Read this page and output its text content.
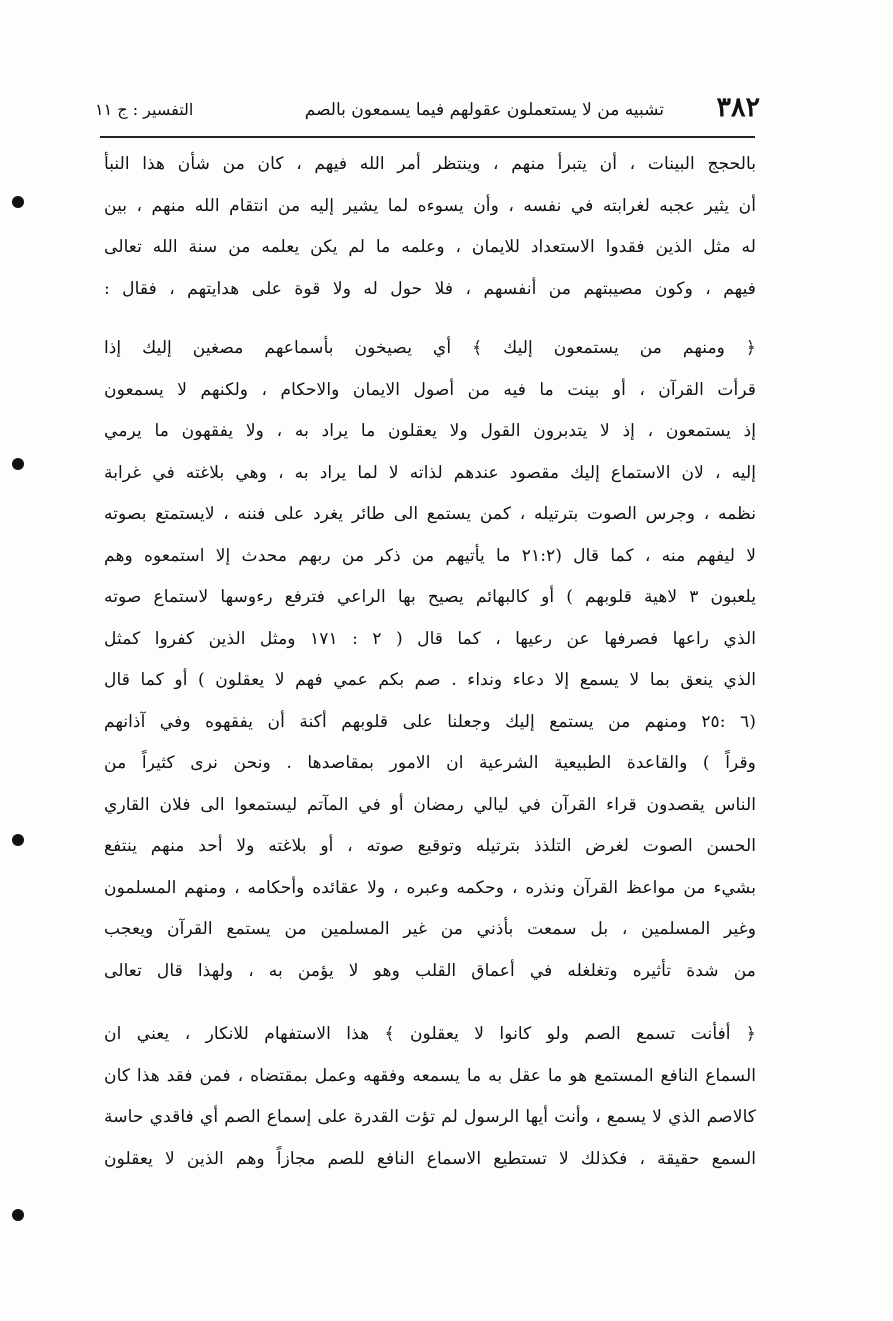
٣٨٢
تشبيه من لا يستعملون عقولهم فيما يسمعون بالصم
التفسير : ج ١١
بالحجج البينات ، أن يتبرأ منهم ، وينتظر أمر الله فيهم ، كان من شأن هذا النبأ
أن يثير عجبه لغرابته في نفسه ، وأن يسوءه لما يشير إليه من انتقام الله منهم ، بين
له مثل الذين فقدوا الاستعداد للايمان ، وعلمه ما لم يكن يعلمه من سنة الله تعالى
فيهم ، وكون مصيبتهم من أنفسهم ، فلا حول له ولا قوة على هدايتهم ، فقال :
﴿ ومنهم من يستمعون إليك ﴾ أي يصيخون بأسماعهم مصغين إليك إذا
قرأت القرآن ، أو بينت ما فيه من أصول الايمان والاحكام ، ولكنهم لا يسمعون
إذ يستمعون ، إذ لا يتدبرون القول ولا يعقلون ما يراد به ، ولا يفقهون ما يرمي
إليه ، لان الاستماع إليك مقصود عندهم لذاته لا لما يراد به ، وهي بلاغته في غرابة
نظمه ، وجرس الصوت بترتيله ، كمن يستمع الى طائر يغرد على فننه ، لايستمتع بصوته
لا ليفهم منه ، كما قال (٢١:٢ ما يأتيهم من ذكر من ربهم محدث إلا استمعوه وهم
يلعبون ٣ لاهية قلوبهم ) أو كالبهائم يصيح بها الراعي فترفع رءوسها لاستماع صوته
الذي راعها فصرفها عن رعيها ، كما قال ( ٢ : ١٧١ ومثل الذين كفروا كمثل
الذي ينعق بما لا يسمع إلا دعاء ونداء . صم بكم عمي فهم لا يعقلون ) أو كما قال
(٦ :٢٥ ومنهم من يستمع إليك وجعلنا على قلوبهم أكنة أن يفقهوه وفي آذانهم
وقراً ) والقاعدة الطبيعية الشرعية ان الامور بمقاصدها . ونحن نرى كثيراً من
الناس يقصدون قراء القرآن في ليالي رمضان أو في المآتم ليستمعوا الى فلان القاري
الحسن الصوت لغرض التلذذ بترتيله وتوقيع صوته ، أو بلاغته ولا أحد منهم ينتفع
بشيء من مواعظ القرآن ونذره ، وحكمه وعبره ، ولا عقائده وأحكامه ، ومنهم المسلمون
وغير المسلمين ، بل سمعت بأذني من غير المسلمين من يستمع القرآن ويعجب
من شدة تأثيره وتغلغله في أعماق القلب وهو لا يؤمن به ، ولهذا قال تعالى
﴿ أفأنت تسمع الصم ولو كانوا لا يعقلون ﴾ هذا الاستفهام للانكار ، يعني ان
السماع النافع المستمع هو ما عقل به ما يسمعه وفقهه وعمل بمقتضاه ، فمن فقد هذا كان
كالاصم الذي لا يسمع ، وأنت أيها الرسول لم تؤت القدرة على إسماع الصم أي فاقدي حاسة
السمع حقيقة ، فكذلك لا تستطيع الاسماع النافع للصم مجازاً وهم الذين لا يعقلون
